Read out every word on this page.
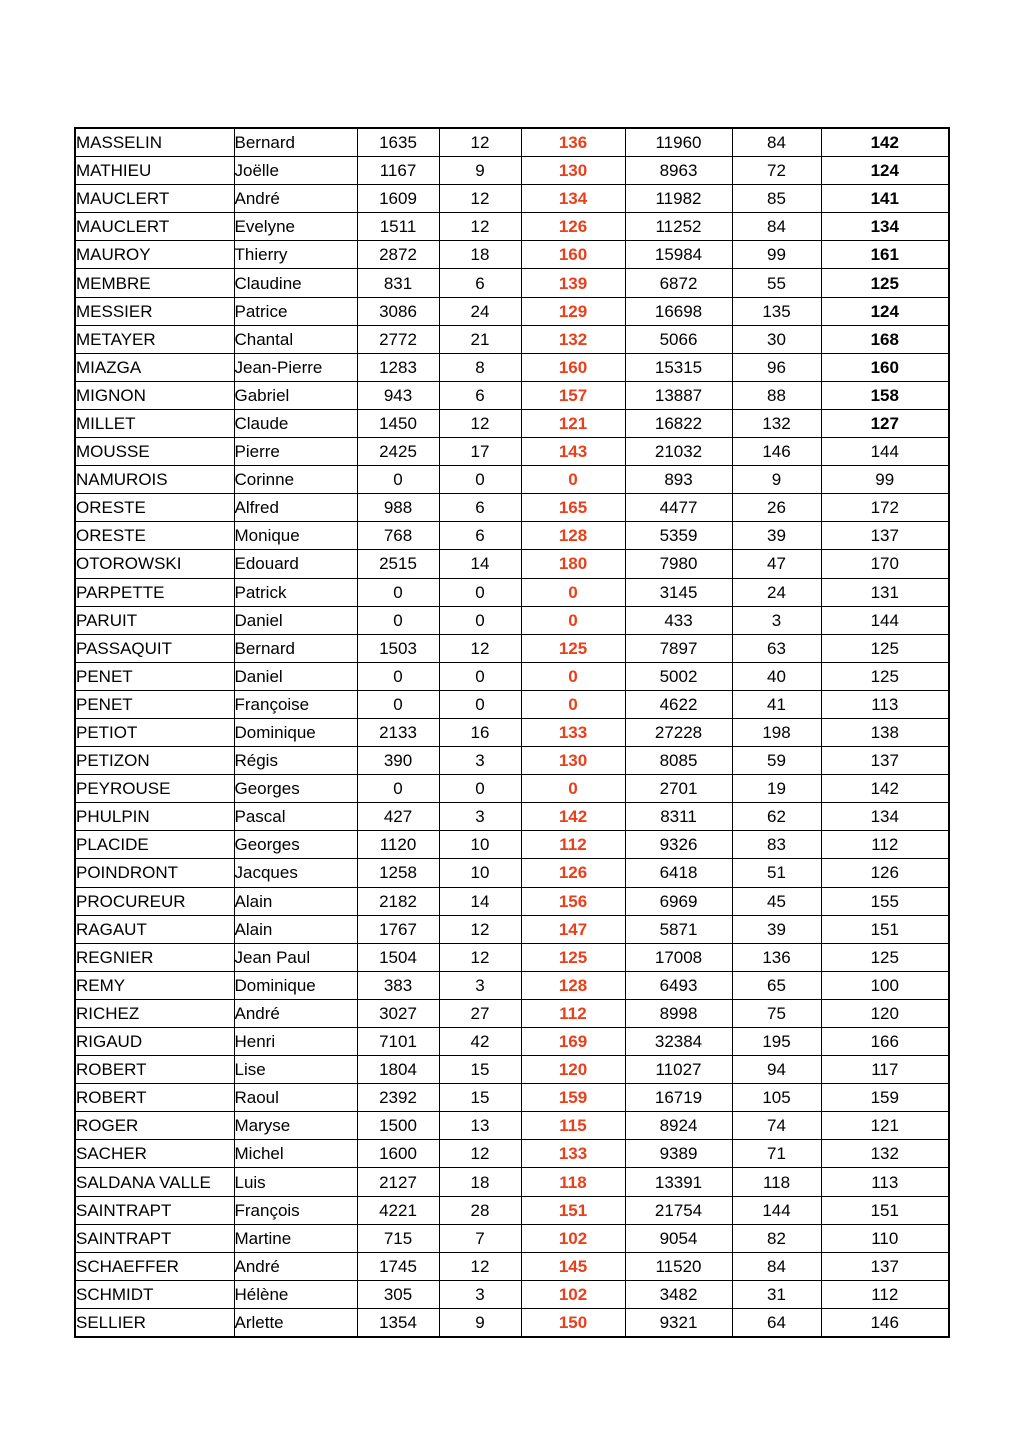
MASSELIN	Bernard	1635	12	136	11960	84	142
MATHIEU	Joëlle	1167	9	130	8963	72	124
MAUCLERT	André	1609	12	134	11982	85	141
MAUCLERT	Evelyne	1511	12	126	11252	84	134
MAUROY	Thierry	2872	18	160	15984	99	161
MEMBRE	Claudine	831	6	139	6872	55	125
MESSIER	Patrice	3086	24	129	16698	135	124
METAYER	Chantal	2772	21	132	5066	30	168
MIAZGA	Jean-Pierre	1283	8	160	15315	96	160
MIGNON	Gabriel	943	6	157	13887	88	158
MILLET	Claude	1450	12	121	16822	132	127
MOUSSE	Pierre	2425	17	143	21032	146	144
NAMUROIS	Corinne	0	0	0	893	9	99
ORESTE	Alfred	988	6	165	4477	26	172
ORESTE	Monique	768	6	128	5359	39	137
OTOROWSKI	Edouard	2515	14	180	7980	47	170
PARPETTE	Patrick	0	0	0	3145	24	131
PARUIT	Daniel	0	0	0	433	3	144
PASSAQUIT	Bernard	1503	12	125	7897	63	125
PENET	Daniel	0	0	0	5002	40	125
PENET	Françoise	0	0	0	4622	41	113
PETIOT	Dominique	2133	16	133	27228	198	138
PETIZON	Régis	390	3	130	8085	59	137
PEYROUSE	Georges	0	0	0	2701	19	142
PHULPIN	Pascal	427	3	142	8311	62	134
PLACIDE	Georges	1120	10	112	9326	83	112
POINDRONT	Jacques	1258	10	126	6418	51	126
PROCUREUR	Alain	2182	14	156	6969	45	155
RAGAUT	Alain	1767	12	147	5871	39	151
REGNIER	Jean Paul	1504	12	125	17008	136	125
REMY	Dominique	383	3	128	6493	65	100
RICHEZ	André	3027	27	112	8998	75	120
RIGAUD	Henri	7101	42	169	32384	195	166
ROBERT	Lise	1804	15	120	11027	94	117
ROBERT	Raoul	2392	15	159	16719	105	159
ROGER	Maryse	1500	13	115	8924	74	121
SACHER	Michel	1600	12	133	9389	71	132
SALDANA VALLE	Luis	2127	18	118	13391	118	113
SAINTRAPT	François	4221	28	151	21754	144	151
SAINTRAPT	Martine	715	7	102	9054	82	110
SCHAEFFER	André	1745	12	145	11520	84	137
SCHMIDT	Hélène	305	3	102	3482	31	112
SELLIER	Arlette	1354	9	150	9321	64	146
